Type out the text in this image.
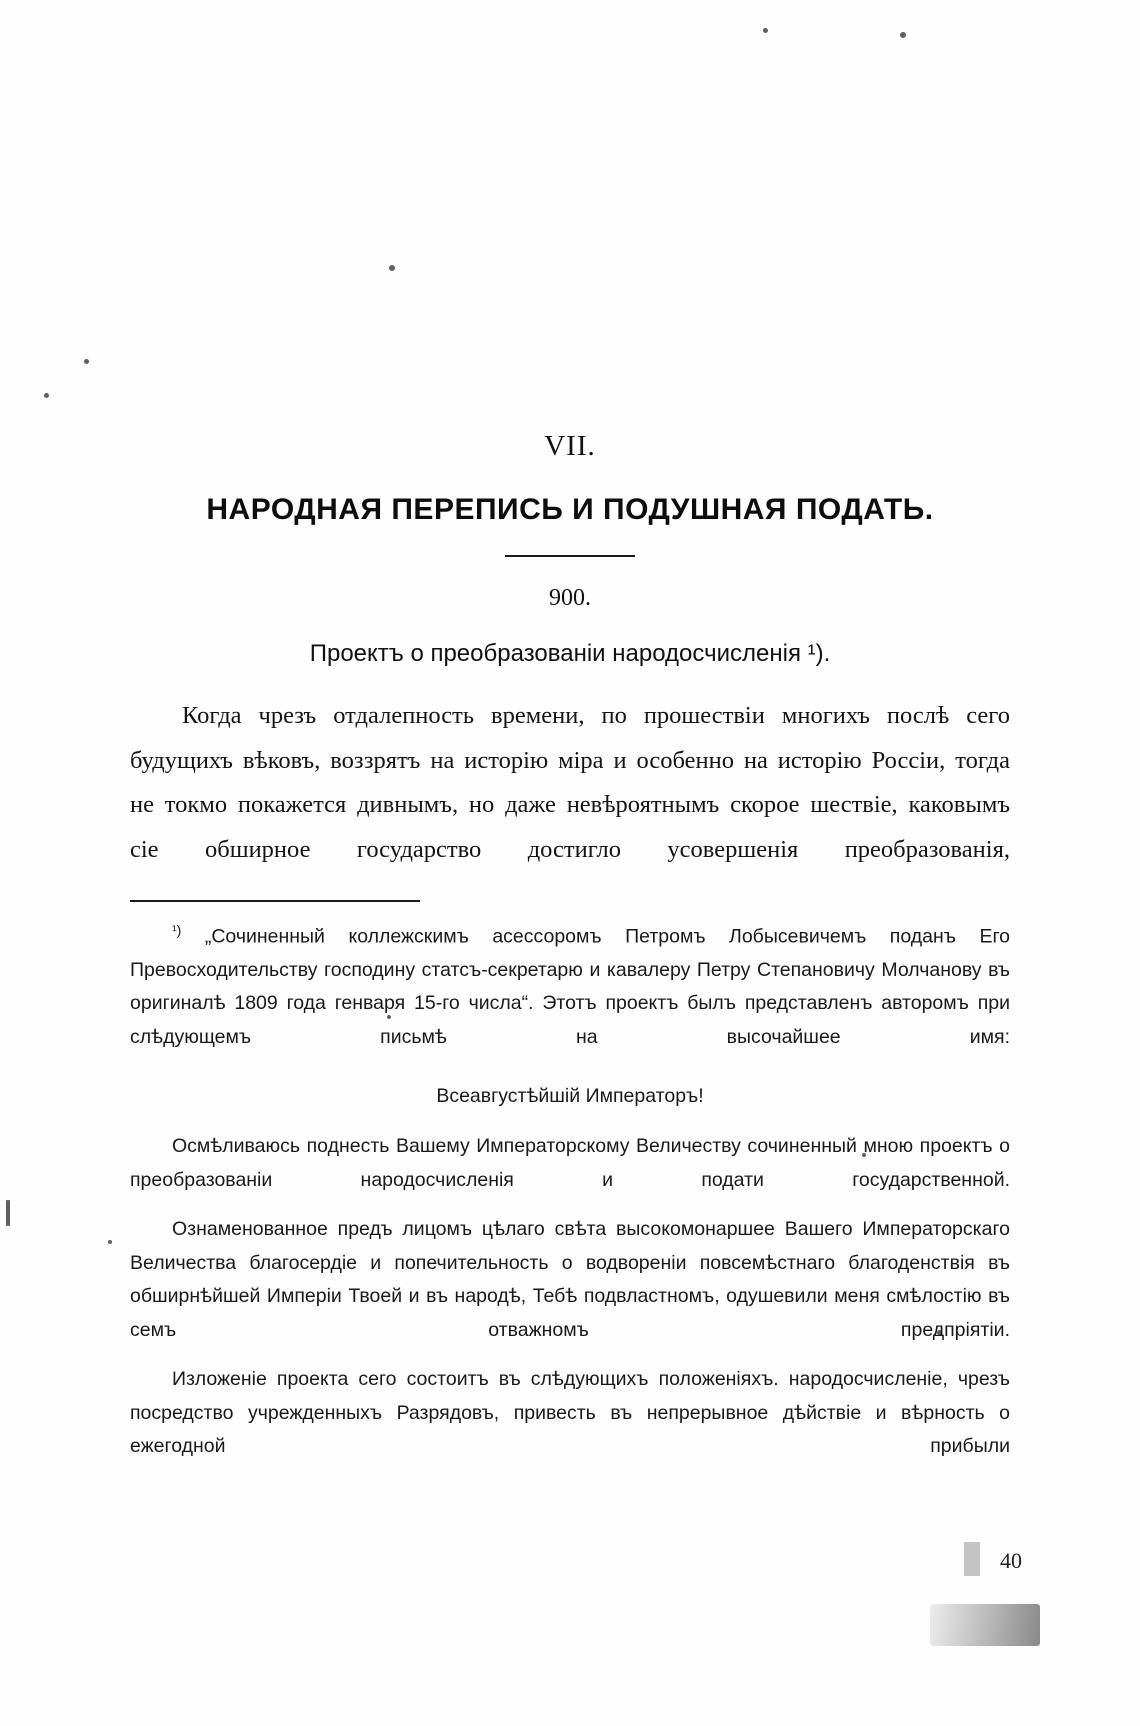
VII.
НАРОДНАЯ ПЕРЕПИСЬ И ПОДУШНАЯ ПОДАТЬ.
900.
Проектъ о преобразованіи народосчисленія ¹).

Когда чрезъ отдалепность времени, по прошествіи многихъ послѣ сего будущихъ вѣковъ, воззрятъ на исторію міра и особенно на исторію Россіи, тогда не токмо покажется дивнымъ, но даже невѣроятнымъ скорое шествіе, каковымъ сіе обширное государство достигло усовершенія преобразованія,

$^{^1)}$ „Сочиненный коллежскимъ асессоромъ Петромъ Лобысевичемъ поданъ Его Превосходительству господину статсъ-секретарю и кавалеру Петру Степановичу Молчанову въ оригиналѣ 1809 года генваря 15-го числа“. Этотъ проектъ былъ представленъ авторомъ при слѣдующемъ письмѣ на высочайшее имя:
Всеавгустѣйшій Императоръ!
Осмѣливаюсь поднесть Вашему Императорскому Величеству сочиненный мною проектъ о преобразованіи народосчисленія и подати государственной.
Ознаменованное предъ лицомъ цѣлаго свѣта высокомонаршее Вашего Императорскаго Величества благосердіе и попечительность о водвореніи повсемѣстнаго благоденствія въ обширнѣйшей Имперіи Твоей и въ народѣ, Тебѣ подвластномъ, одушевили меня смѣлостію въ семъ отважномъ предпріятіи.
Изложеніе проекта сего состоитъ въ слѣдующихъ положеніяхъ. народосчисленіе, чрезъ посредство учрежденныхъ Разрядовъ, привесть въ непрерывное дѣйствіе и вѣрность о ежегодной прибыли
40
